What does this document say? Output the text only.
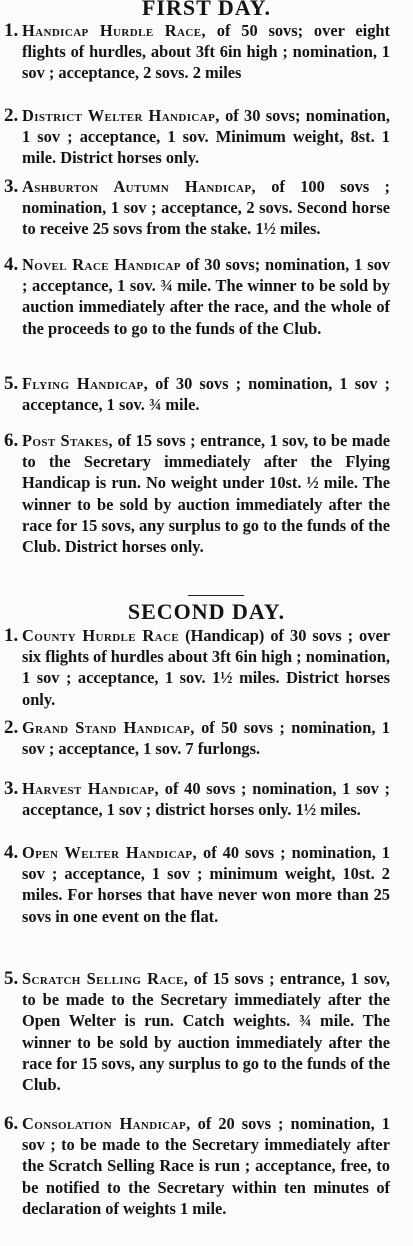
FIRST DAY.
1. Handicap Hurdle Race, of 50 sovs; over eight flights of hurdles, about 3ft 6in high ; nomination, 1 sov ; acceptance, 2 sovs. 2 miles

2. District Welter Handicap, of 30 sovs; nomination, 1 sov ; acceptance, 1 sov. Minimum weight, 8st. 1 mile. District horses only.

3. Ashburton Autumn Handicap, of 100 sovs ; nomination, 1 sov ; acceptance, 2 sovs. Second horse to receive 25 sovs from the stake. 1½ miles.

4. Novel Race Handicap of 30 sovs; nomination, 1 sov ; acceptance, 1 sov. ¾ mile. The winner to be sold by auction immediately after the race, and the whole of the proceeds to go to the funds of the Club.

5. Flying Handicap, of 30 sovs ; nomination, 1 sov ; acceptance, 1 sov. ¾ mile.

6. Post Stakes, of 15 sovs ; entrance, 1 sov, to be made to the Secretary immediately after the Flying Handicap is run. No weight under 10st. ½ mile. The winner to be sold by auction immediately after the race for 15 sovs, any surplus to go to the funds of the Club. District horses only.

SECOND DAY.
1. County Hurdle Race (Handicap) of 30 sovs ; over six flights of hurdles about 3ft 6in high ; nomination, 1 sov ; acceptance, 1 sov. 1½ miles. District horses only.

2. Grand Stand Handicap, of 50 sovs ; nomination, 1 sov ; acceptance, 1 sov. 7 furlongs.

3. Harvest Handicap, of 40 sovs ; nomination, 1 sov ; acceptance, 1 sov ; district horses only. 1½ miles.

4. Open Welter Handicap, of 40 sovs ; nomination, 1 sov ; acceptance, 1 sov ; minimum weight, 10st. 2 miles. For horses that have never won more than 25 sovs in one event on the flat.

5. Scratch Selling Race, of 15 sovs ; entrance, 1 sov, to be made to the Secretary immediately after the Open Welter is run. Catch weights. ¾ mile. The winner to be sold by auction immediately after the race for 15 sovs, any surplus to go to the funds of the Club.

6. Consolation Handicap, of 20 sovs ; nomination, 1 sov ; to be made to the Secretary immediately after the Scratch Selling Race is run ; acceptance, free, to be notified to the Secretary within ten minutes of declaration of weights 1 mile.
